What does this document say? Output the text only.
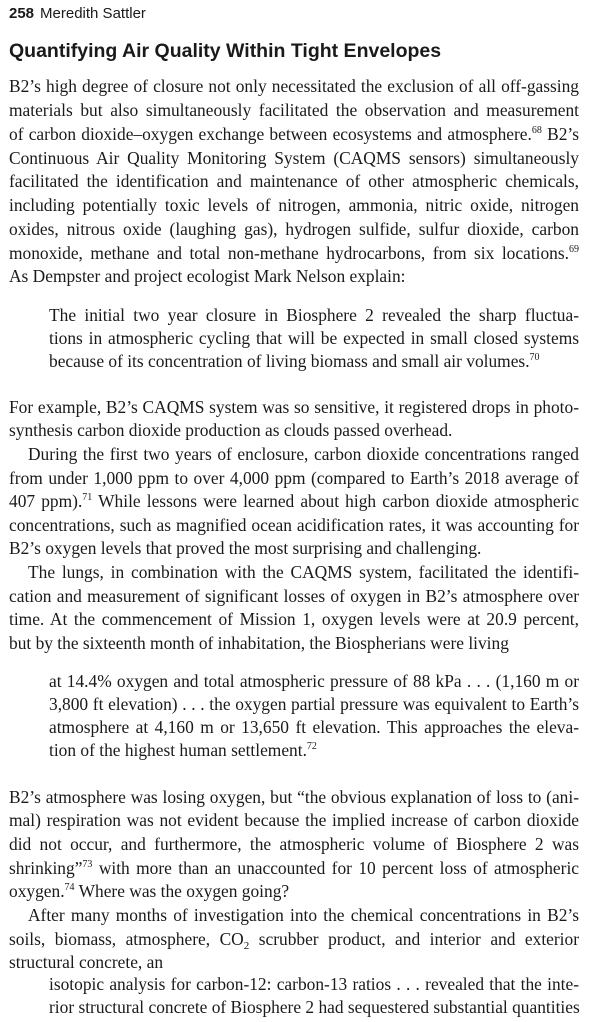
258 Meredith Sattler
Quantifying Air Quality Within Tight Envelopes
B2’s high degree of closure not only necessitated the exclusion of all off-gassing
materials but also simultaneously facilitated the observation and measurement
of carbon dioxide–oxygen exchange between ecosystems and atmosphere.$^{68}$ B2’s
Continuous Air Quality Monitoring System (CAQMS sensors) simultaneously
facilitated the identification and maintenance of other atmospheric chemicals,
including potentially toxic levels of nitrogen, ammonia, nitric oxide, nitrogen
oxides, nitrous oxide (laughing gas), hydrogen sulfide, sulfur dioxide, carbon
monoxide, methane and total non-methane hydrocarbons, from six locations.$^{69}$
As Dempster and project ecologist Mark Nelson explain:
The initial two year closure in Biosphere 2 revealed the sharp fluctua-
tions in atmospheric cycling that will be expected in small closed systems
because of its concentration of living biomass and small air volumes.$^{70}$
For example, B2’s CAQMS system was so sensitive, it registered drops in photo-
synthesis carbon dioxide production as clouds passed overhead.
During the first two years of enclosure, carbon dioxide concentrations ranged
from under 1,000 ppm to over 4,000 ppm (compared to Earth’s 2018 average of
407 ppm).$^{71}$ While lessons were learned about high carbon dioxide atmospheric
concentrations, such as magnified ocean acidification rates, it was accounting for
B2’s oxygen levels that proved the most surprising and challenging.
The lungs, in combination with the CAQMS system, facilitated the identifi-
cation and measurement of significant losses of oxygen in B2’s atmosphere over
time. At the commencement of Mission 1, oxygen levels were at 20.9 percent,
but by the sixteenth month of inhabitation, the Biospherians were living
at 14.4% oxygen and total atmospheric pressure of 88 kPa . . . (1,160 m or
3,800 ft elevation) . . . the oxygen partial pressure was equivalent to Earth’s
atmosphere at 4,160 m or 13,650 ft elevation. This approaches the eleva-
tion of the highest human settlement.$^{72}$
B2’s atmosphere was losing oxygen, but “the obvious explanation of loss to (ani-
mal) respiration was not evident because the implied increase of carbon dioxide
did not occur, and furthermore, the atmospheric volume of Biosphere 2 was
shrinking”$^{73}$ with more than an unaccounted for 10 percent loss of atmospheric
oxygen.$^{74}$ Where was the oxygen going?
After many months of investigation into the chemical concentrations in B2’s
soils, biomass, atmosphere, $CO_2$ scrubber product, and interior and exterior
structural concrete, an
isotopic analysis for carbon-12: carbon-13 ratios . . . revealed that the inte-
rior structural concrete of Biosphere 2 had sequestered substantial quantities
